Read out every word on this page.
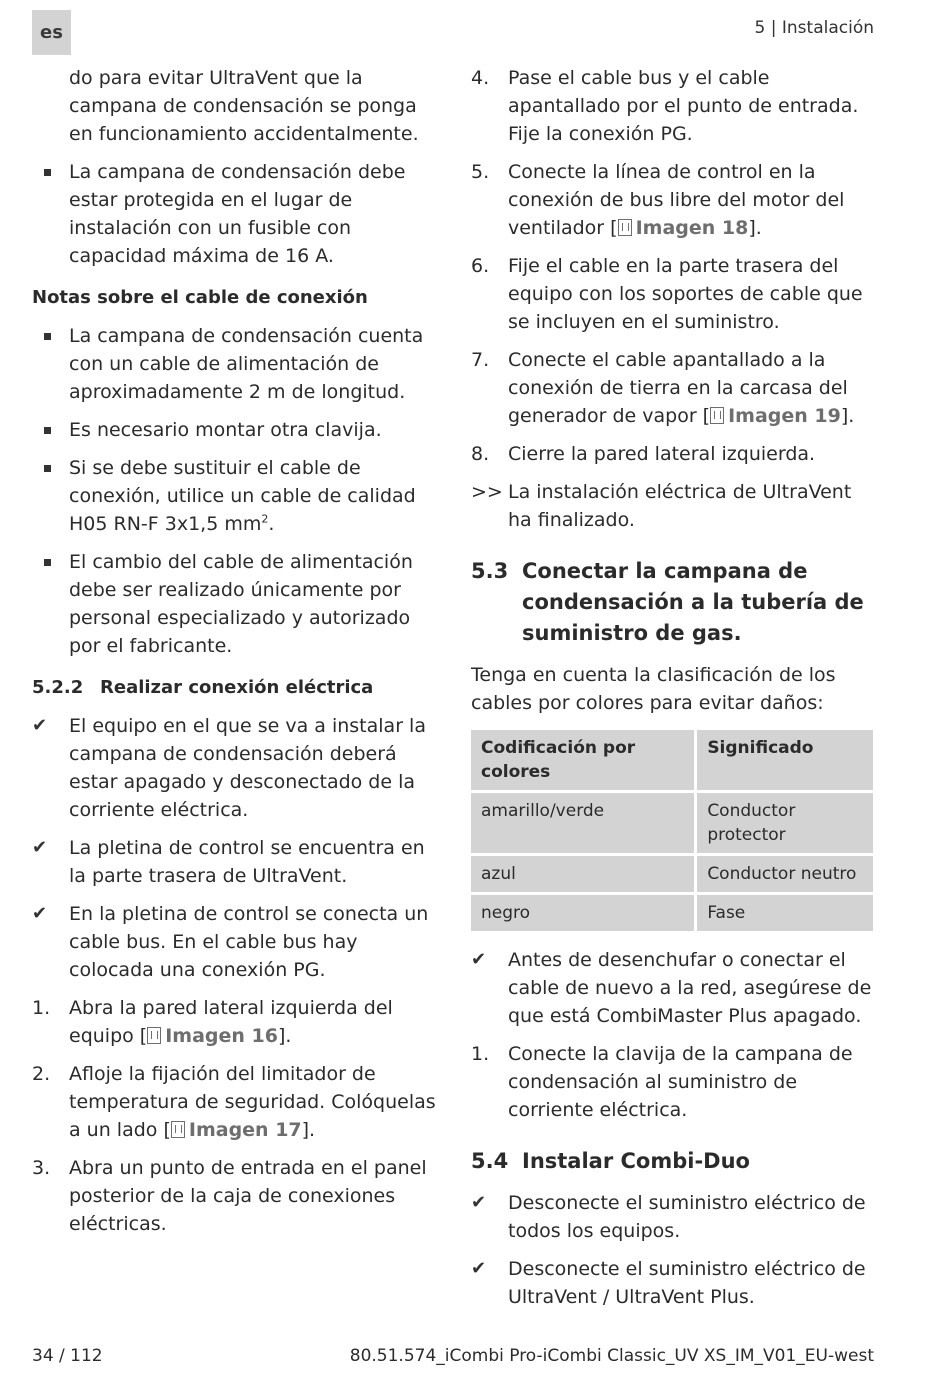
es	5 | Instalación

do para evitar UltraVent que la campana de condensación se ponga en funcionamiento accidentalmente.

La campana de condensación debe estar protegida en el lugar de instalación con un fusible con capacidad máxima de 16 A.

Notas sobre el cable de conexión

La campana de condensación cuenta con un cable de alimentación de aproximadamente 2 m de longitud.
Es necesario montar otra clavija.
Si se debe sustituir el cable de conexión, utilice un cable de calidad H05 RN-F 3x1,5 $mm^2$.
El cambio del cable de alimentación debe ser realizado únicamente por personal especializado y autorizado por el fabricante.

5.2.2 Realizar conexión eléctrica

✔	El equipo en el que se va a instalar la campana de condensación deberá estar apagado y desconectado de la corriente eléctrica.
✔	La pletina de control se encuentra en la parte trasera de UltraVent.
✔	En la pletina de control se conecta un cable bus. En el cable bus hay colocada una conexión PG.
1. Abra la pared lateral izquierda del equipo [ Imagen 16].
2. Afloje la fijación del limitador de temperatura de seguridad. Colóquelas a un lado [ Imagen 17].
3. Abra un punto de entrada en el panel posterior de la caja de conexiones eléctricas.
4. Pase el cable bus y el cable apantallado por el punto de entrada. Fije la conexión PG.
5. Conecte la línea de control en la conexión de bus libre del motor del ventilador [ Imagen 18].
6. Fije el cable en la parte trasera del equipo con los soportes de cable que se incluyen en el suministro.
7. Conecte el cable apantallado a la conexión de tierra en la carcasa del generador de vapor [ Imagen 19].
8. Cierre la pared lateral izquierda.
>> La instalación eléctrica de UltraVent ha finalizado.
5.3 Conectar la campana de condensación a la tubería de suministro de gas.

Tenga en cuenta la clasificación de los cables por colores para evitar daños:

Codificación por colores	Significado
amarillo/verde	Conductor protector
azul	Conductor neutro
negro	Fase
✔	Antes de desenchufar o conectar el cable de nuevo a la red, asegúrese de que está CombiMaster Plus apagado.
1. Conecte la clavija de la campana de condensación al suministro de corriente eléctrica.
5.4 Instalar Combi-Duo
✔	Desconecte el suministro eléctrico de todos los equipos.
✔	Desconecte el suministro eléctrico de UltraVent / UltraVent Plus.
34 / 112	80.51.574_iCombi Pro-iCombi Classic_UV XS_IM_V01_EU-west
